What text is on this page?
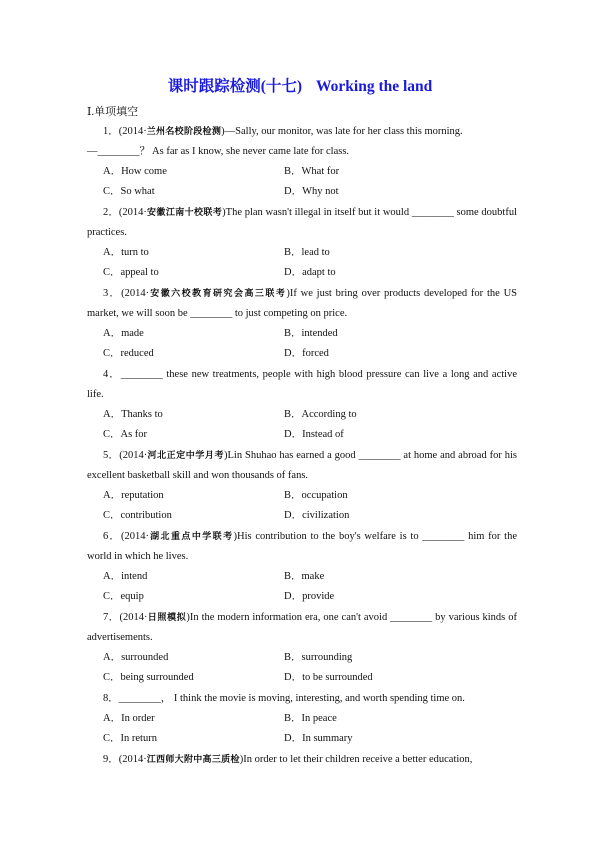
课时跟踪检测(十七) Working the land
Ⅰ.单项填空

1．(2014·兰州名校阶段检测)—Sally, our monitor, was late for her class this morning.

—________？ As far as I know, she never came late for class.

A．How come	B．What for
C．So what	D．Why not

2．(2014·安徽江南十校联考)The plan wasn't illegal in itself but it would ________ some doubtful practices.

A．turn to	B．lead to
C．appeal to	D．adapt to

3．(2014·安徽六校教育研究会高三联考)If we just bring over products developed for the US market, we will soon be ________ to just competing on price.

A．made	B．intended
C．reduced	D．forced

4．________ these new treatments, people with high blood pressure can live a long and active life.

A．Thanks to	B．According to
C．As for	D．Instead of

5．(2014·河北正定中学月考)Lin Shuhao has earned a good ________ at home and abroad for his excellent basketball skill and won thousands of fans.

A．reputation	B．occupation
C．contribution	D．civilization

6．(2014·湖北重点中学联考)His contribution to the boy's welfare is to ________ him for the world in which he lives.

A．intend	B．make
C．equip	D．provide

7．(2014·日照模拟)In the modern information era, one can't avoid ________ by various kinds of advertisements.

A．surrounded	B．surrounding
C．being surrounded	D．to be surrounded

8．________， I think the movie is moving, interesting, and worth spending time on.

A．In order	B．In peace
C．In return	D．In summary

9．(2014·江西师大附中高三质检)In order to let their children receive a better education,
